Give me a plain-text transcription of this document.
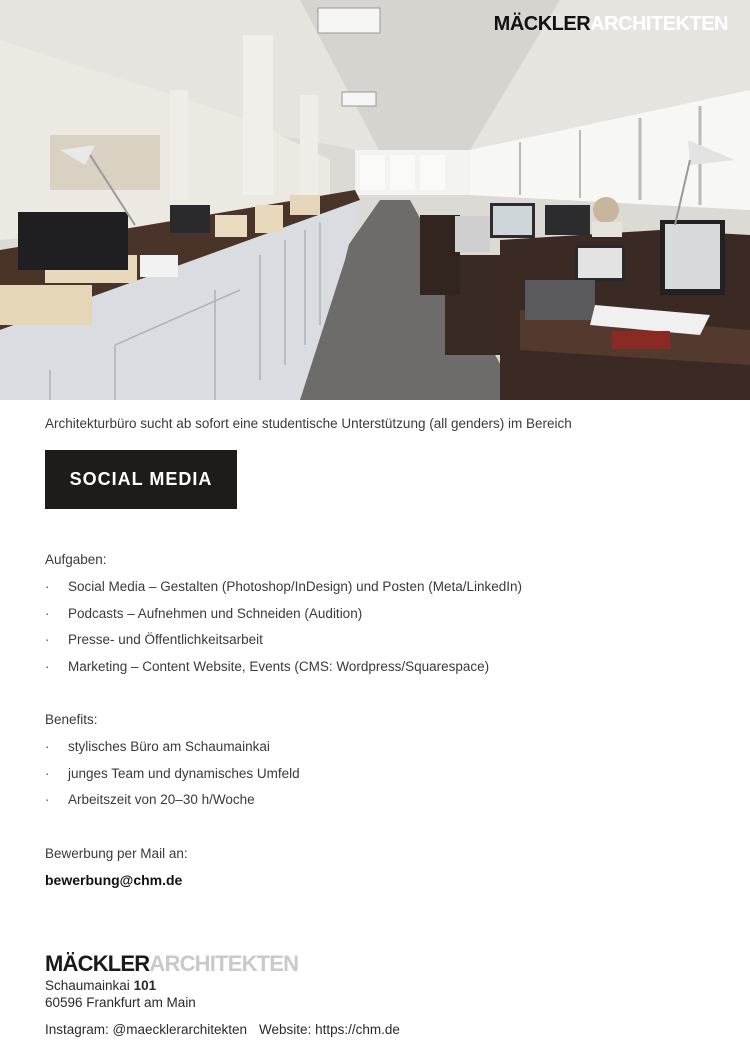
MÄCKLERARCHITEKTEN
Architekturbüro sucht ab sofort eine studentische Unterstützung (all genders) im Bereich
SOCIAL MEDIA
Aufgaben:
· Social Media – Gestalten (Photoshop/InDesign) und Posten (Meta/LinkedIn)
· Podcasts – Aufnehmen und Schneiden (Audition)
· Presse- und Öffentlichkeitsarbeit
· Marketing – Content Website, Events (CMS: Wordpress/Squarespace)
Benefits:
· stylisches Büro am Schaumainkai
· junges Team und dynamisches Umfeld
· Arbeitszeit von 20–30 h/Woche
Bewerbung per Mail an:
bewerbung@chm.de
MÄCKLERARCHITEKTEN
Schaumainkai 101
60596 Frankfurt am Main
Instagram: @maecklerarchitekten Website: https://chm.de
